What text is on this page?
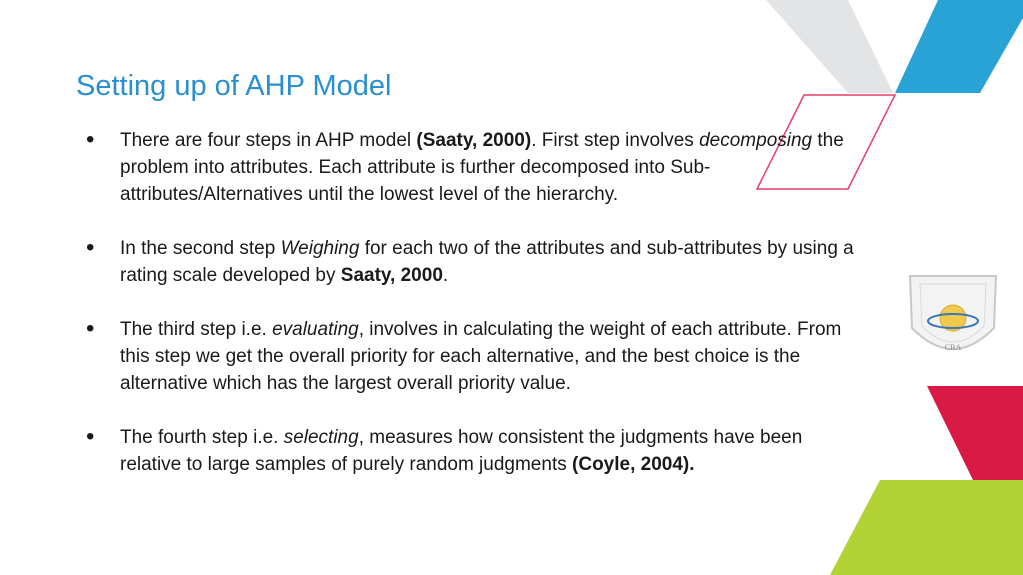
Setting up of AHP Model
CBA
• There are four steps in AHP model (Saaty, 2000). First step involves decomposing the problem into attributes. Each attribute is further decomposed into Sub-attributes/Alternatives until the lowest level of the hierarchy.
• In the second step Weighing for each two of the attributes and sub-attributes by using a rating scale developed by Saaty, 2000.
• The third step i.e. evaluating, involves in calculating the weight of each attribute. From this step we get the overall priority for each alternative, and the best choice is the alternative which has the largest overall priority value.
• The fourth step i.e. selecting, measures how consistent the judgments have been relative to large samples of purely random judgments (Coyle, 2004).
